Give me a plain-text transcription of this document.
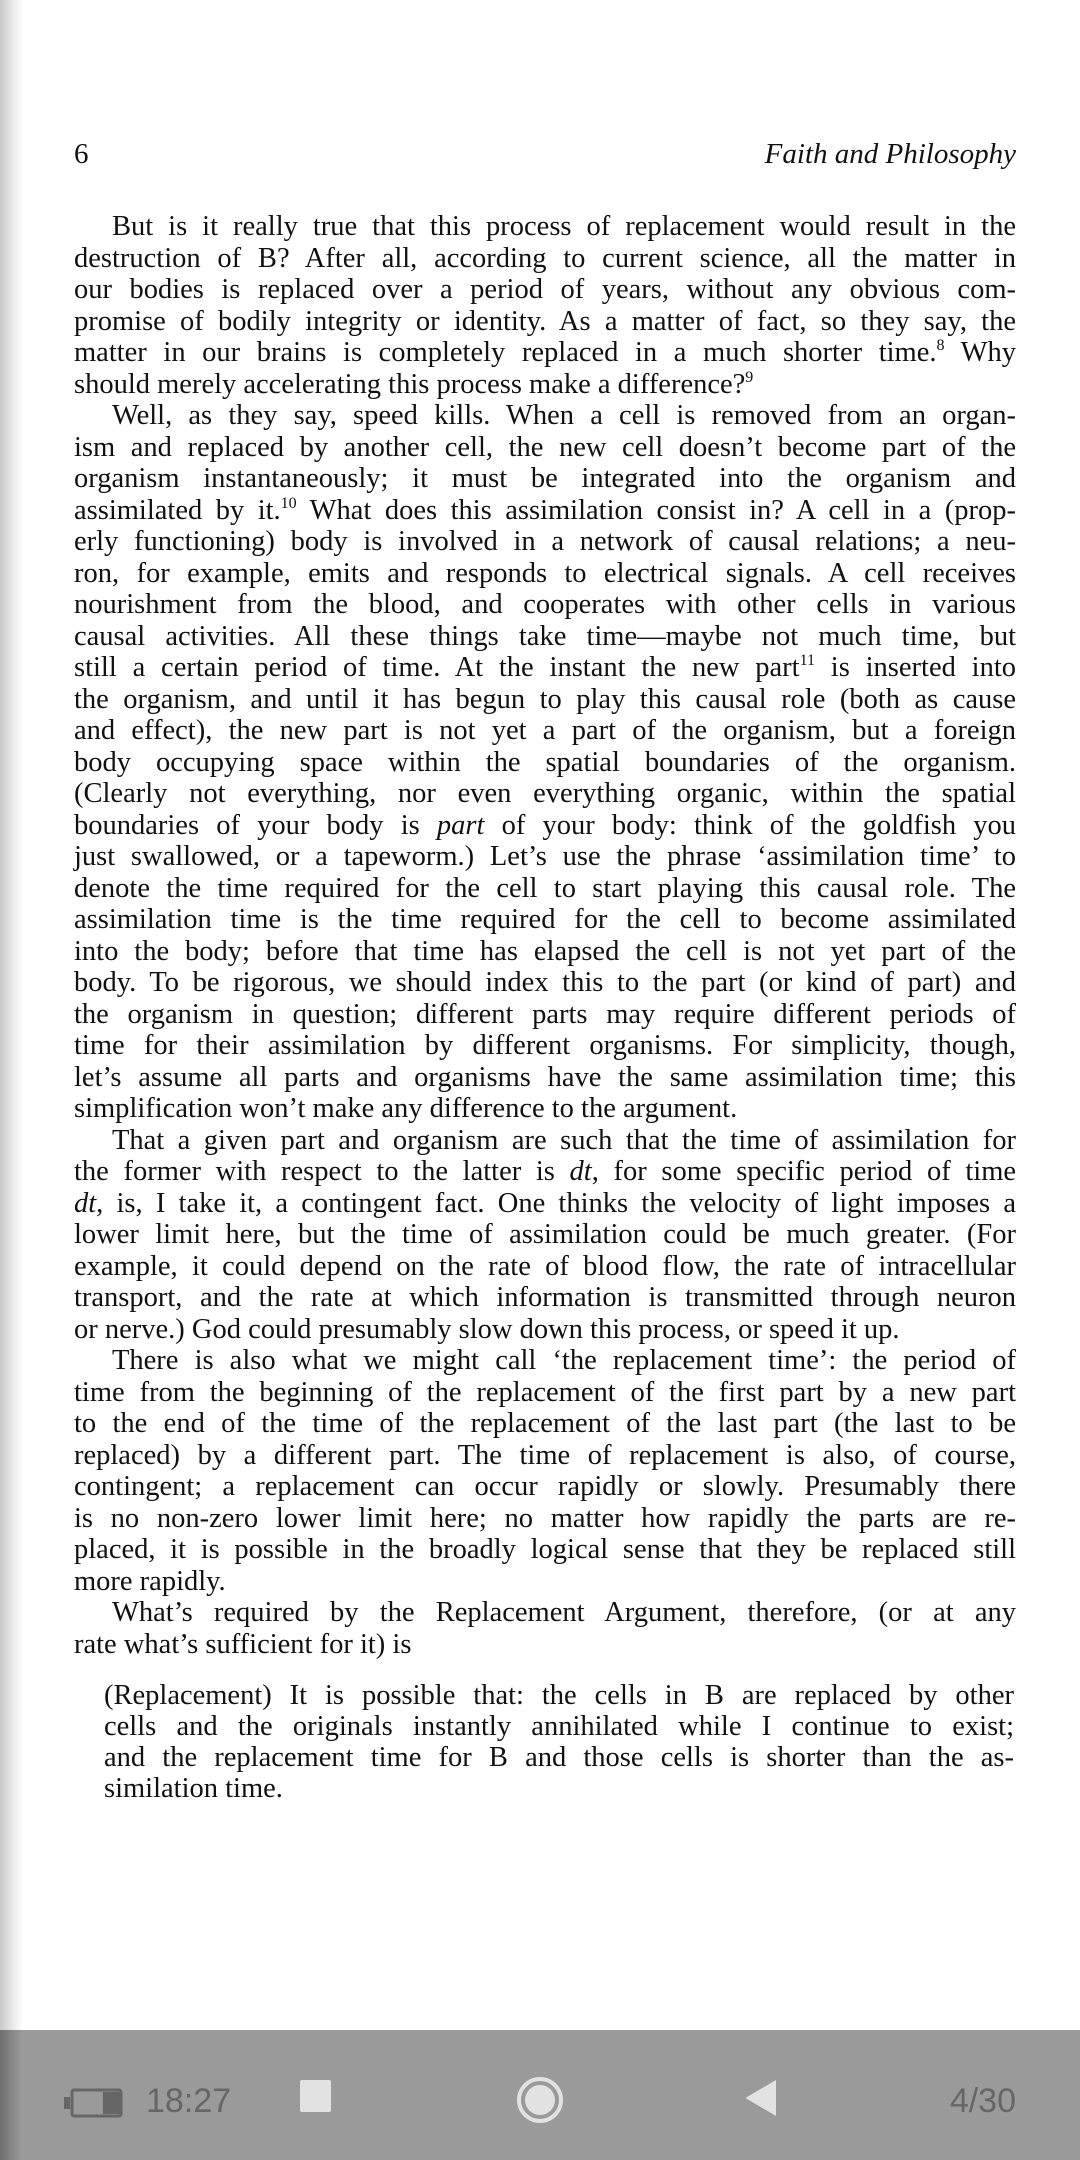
6	Faith and Philosophy
But is it really true that this process of replacement would result in the
destruction of B? After all, according to current science, all the matter in
our bodies is replaced over a period of years, without any obvious com-
promise of bodily integrity or identity. As a matter of fact, so they say, the
matter in our brains is completely replaced in a much shorter time.$^8$ Why
should merely accelerating this process make a difference?$^9$
Well, as they say, speed kills. When a cell is removed from an organ-
ism and replaced by another cell, the new cell doesn’t become part of the
organism instantaneously; it must be integrated into the organism and
assimilated by it.$^{10}$ What does this assimilation consist in? A cell in a (prop-
erly functioning) body is involved in a network of causal relations; a neu-
ron, for example, emits and responds to electrical signals. A cell receives
nourishment from the blood, and cooperates with other cells in various
causal activities. All these things take time—maybe not much time, but
still a certain period of time. At the instant the new part$^{11}$ is inserted into
the organism, and until it has begun to play this causal role (both as cause
and effect), the new part is not yet a part of the organism, but a foreign
body occupying space within the spatial boundaries of the organism.
(Clearly not everything, nor even everything organic, within the spatial
boundaries of your body is part of your body: think of the goldfish you
just swallowed, or a tapeworm.) Let’s use the phrase ‘assimilation time’ to
denote the time required for the cell to start playing this causal role. The
assimilation time is the time required for the cell to become assimilated
into the body; before that time has elapsed the cell is not yet part of the
body. To be rigorous, we should index this to the part (or kind of part) and
the organism in question; different parts may require different periods of
time for their assimilation by different organisms. For simplicity, though,
let’s assume all parts and organisms have the same assimilation time; this
simplification won’t make any difference to the argument.
That a given part and organism are such that the time of assimilation for
the former with respect to the latter is dt, for some specific period of time
dt, is, I take it, a contingent fact. One thinks the velocity of light imposes a
lower limit here, but the time of assimilation could be much greater. (For
example, it could depend on the rate of blood flow, the rate of intracellular
transport, and the rate at which information is transmitted through neuron
or nerve.) God could presumably slow down this process, or speed it up.
There is also what we might call ‘the replacement time’: the period of
time from the beginning of the replacement of the first part by a new part
to the end of the time of the replacement of the last part (the last to be
replaced) by a different part. The time of replacement is also, of course,
contingent; a replacement can occur rapidly or slowly. Presumably there
is no non-zero lower limit here; no matter how rapidly the parts are re-
placed, it is possible in the broadly logical sense that they be replaced still
more rapidly.
What’s required by the Replacement Argument, therefore, (or at any
rate what’s sufficient for it) is
(Replacement) It is possible that: the cells in B are replaced by other
cells and the originals instantly annihilated while I continue to exist;
and the replacement time for B and those cells is shorter than the as-
similation time.
18:27	4/30
